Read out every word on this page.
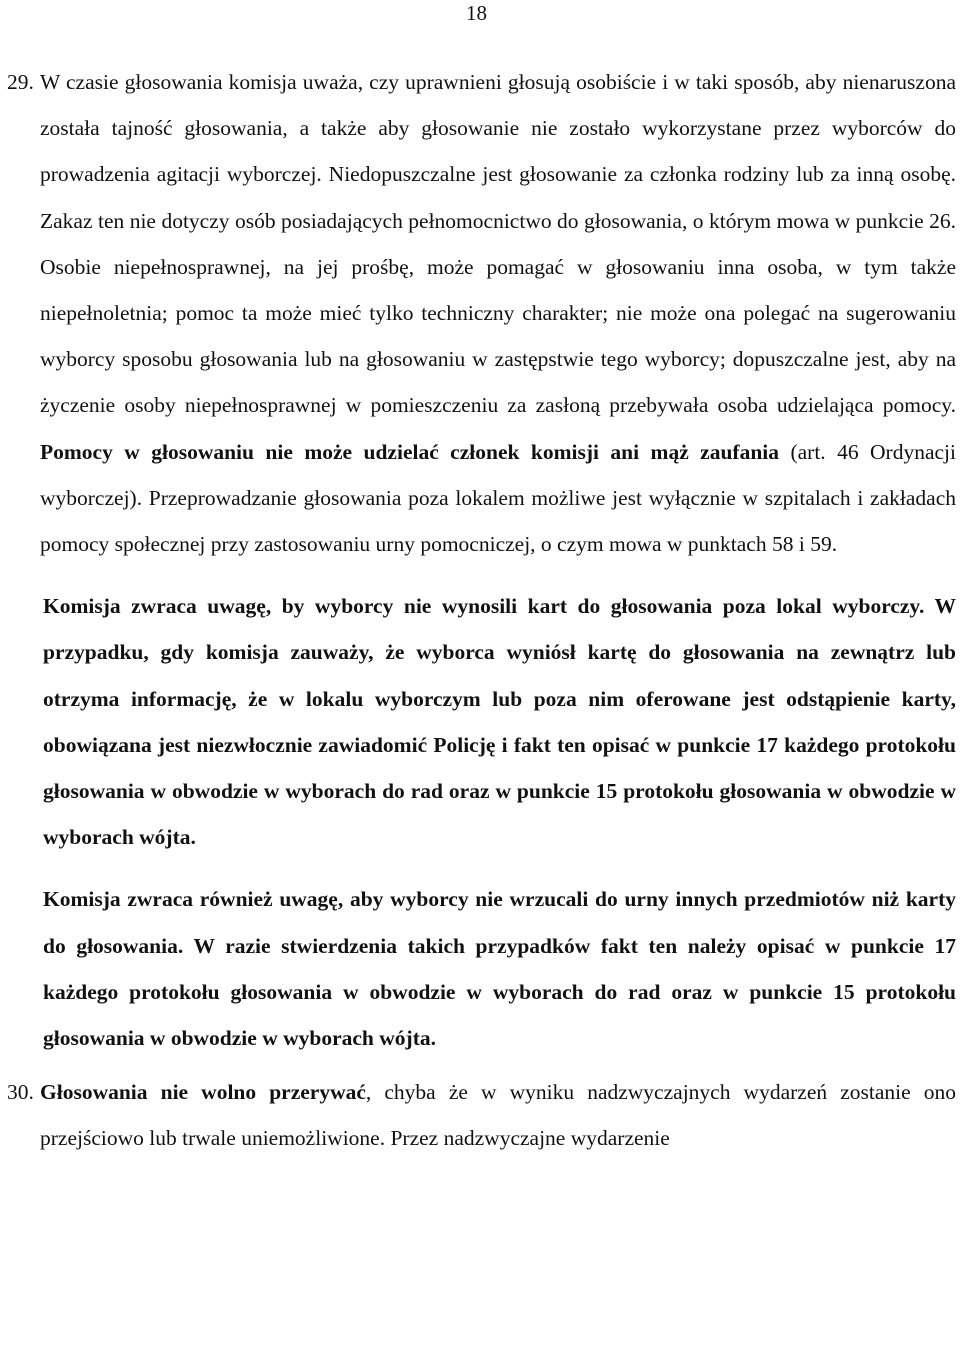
18
29. W czasie głosowania komisja uważa, czy uprawnieni głosują osobiście i w taki sposób, aby nienaruszona została tajność głosowania, a także aby głosowanie nie zostało wykorzystane przez wyborców do prowadzenia agitacji wyborczej. Niedopuszczalne jest głosowanie za członka rodziny lub za inną osobę. Zakaz ten nie dotyczy osób posiadających pełnomocnictwo do głosowania, o którym mowa w punkcie 26. Osobie niepełnosprawnej, na jej prośbę, może pomagać w głosowaniu inna osoba, w tym także niepełnoletnia; pomoc ta może mieć tylko techniczny charakter; nie może ona polegać na sugerowaniu wyborcy sposobu głosowania lub na głosowaniu w zastępstwie tego wyborcy; dopuszczalne jest, aby na życzenie osoby niepełnosprawnej w pomieszczeniu za zasłoną przebywała osoba udzielająca pomocy. Pomocy w głosowaniu nie może udzielać członek komisji ani mąż zaufania (art. 46 Ordynacji wyborczej). Przeprowadzanie głosowania poza lokalem możliwe jest wyłącznie w szpitalach i zakładach pomocy społecznej przy zastosowaniu urny pomocniczej, o czym mowa w punktach 58 i 59.
Komisja zwraca uwagę, by wyborcy nie wynosili kart do głosowania poza lokal wyborczy. W przypadku, gdy komisja zauważy, że wyborca wyniósł kartę do głosowania na zewnątrz lub otrzyma informację, że w lokalu wyborczym lub poza nim oferowane jest odstąpienie karty, obowiązana jest niezwłocznie zawiadomić Policję i fakt ten opisać w punkcie 17 każdego protokołu głosowania w obwodzie w wyborach do rad oraz w punkcie 15 protokołu głosowania w obwodzie w wyborach wójta.
Komisja zwraca również uwagę, aby wyborcy nie wrzucali do urny innych przedmiotów niż karty do głosowania. W razie stwierdzenia takich przypadków fakt ten należy opisać w punkcie 17 każdego protokołu głosowania w obwodzie w wyborach do rad oraz w punkcie 15 protokołu głosowania w obwodzie w wyborach wójta.
30. Głosowania nie wolno przerywać, chyba że w wyniku nadzwyczajnych wydarzeń zostanie ono przejściowo lub trwale uniemożliwione. Przez nadzwyczajne wydarzenie
